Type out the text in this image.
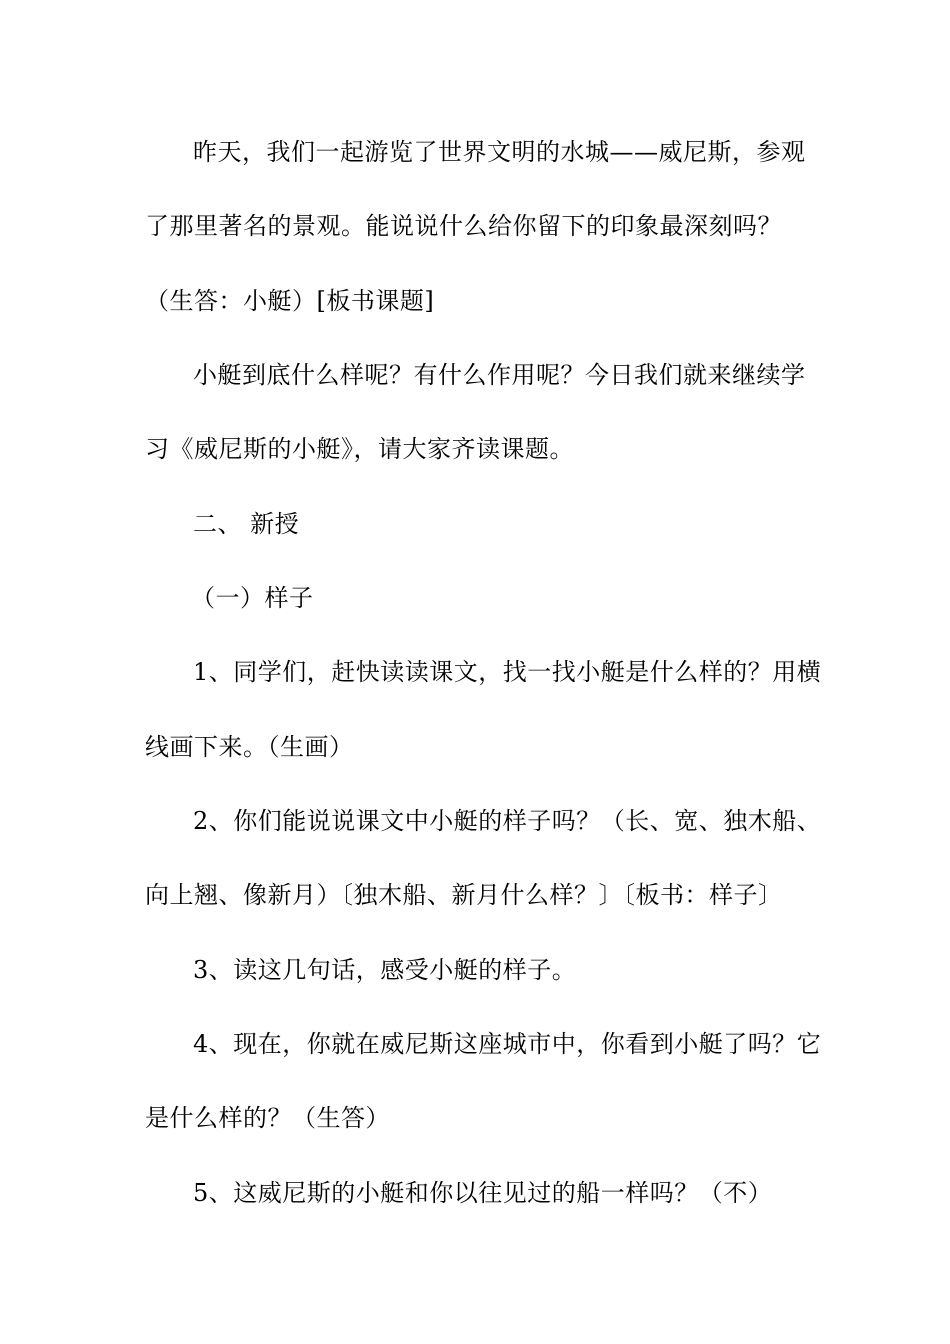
昨天，我们一起游览了世界文明的水城——威尼斯，参观
了那里著名的景观。能说说什么给你留下的印象最深刻吗？
（生答：小艇）[板书课题]
小艇到底什么样呢？有什么作用呢？今日我们就来继续学
习《威尼斯的小艇》，请大家齐读课题。
二、 新授
（一）样子
1、同学们，赶快读读课文，找一找小艇是什么样的？用横
线画下来。（生画）
2、你们能说说课文中小艇的样子吗？（长、宽、独木船、
向上翘、像新月）〔独木船、新月什么样？〕〔板书：样子〕
3、读这几句话，感受小艇的样子。
4、现在，你就在威尼斯这座城市中，你看到小艇了吗？它
是什么样的？（生答）
5、这威尼斯的小艇和你以往见过的船一样吗？（不）
